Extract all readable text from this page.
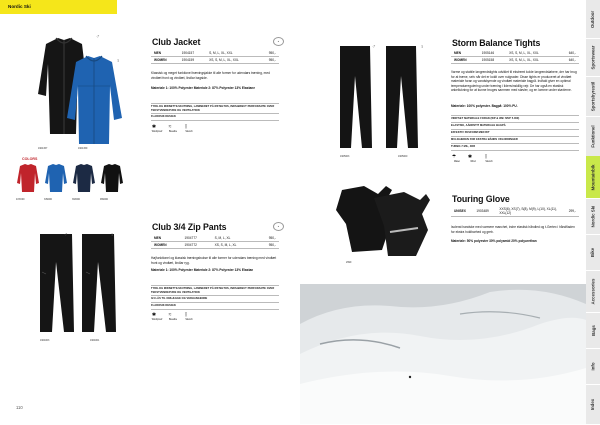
Nordic Ski
♂
♀
Club Jacket	●
MEN	1904157	S, M, L, XL, XXL	950,-
WOMEN	1904159	XS, S, M, L, XL, XXL	950,-
Klassisk og meget funktionel træningsjakke til alle former for udendørs træning, med vindtæt front og vindtæt, lindlar bagside.
Materiale 1: 100% Polyester Materiale 2: 87% Polyester 13% Elastane
TYDE-OG MIDNETTILSKUTNING, LAMINERET PÅ ØSTBLTOS, INDSÆRBUT PERFORANTE OVER TEKSTVENDEPUDE OG VENTILATION
FLADOSIK DESIGN
✱
Windproof
≈
Breathe
ᛝ
Stretch
1904157	1904159
COLORS
4XX000	339000	393000	999000
♂	♀
1904003	1904001
Club 3/4 Zip Pants	●
MEN	1904777	S, M, L, XL	950,-
WOMEN	1904772	XS, S, M, L, XL	950,-
Højfunktionel og klassisk træningsbukse til alle former for udendørs træning med vindtæt front og vindtæt, lindlar ryg.
Materiale 1: 100% Polyester Materiale 2: 87% Polyester 13% Elastan
TYDE-OG MIDNETTILSKUTNING, LAMINERET PÅ ØSTBLTOS, INDSÆRBUT PERFORANTE OVER TEKSTVENDEPUDE OG VENTILATION
3/4 LÅS TIL OMLÆGGE OG VEDHANGENDE
FLADOSIK DESIGN
✱
Windproof
≈
Breathe
ᛝ
Stretch
110
♂	♀
1905003	1905000
Storm Balance Tights
MEN	1905146	XS, S, M, L, XL, XXL	640,-
WOMEN	1905158	XS, S, M, L, XL, XXL	640,-
Varme og stabile langrendstights udviklet til ekstremt kolde langrendsløbere, der har brug for at træne, selv når det er koldt over nulgrader. Disse tights er produceret af vindtæt materiale foran og vandskyende og vindtæt materiale bagpå. Indfald giver en optimal temperaturregulering under træning i lidenvinskillig vejr. De har også en elastisk ankellukning for at kunne bruges sammen med støvler, og en lomme under støvlerne.
Materiale: 100% polyester. Bagpå: 100% PU.
VINDTÆT MATERIALE FORAN (WP & WB: MVP 5.000)
ELASTISK, AÅNDSTIT MATERIALE BAGPÅ
EFFEKTIV PASFORM MED RIT
MULIGHEDEN FOR EKSTRA BÅNDS UDLODNINGER
TURBO-7 MIL, 4DR
☂
Water
✱
Wind
ᛝ
Stretch
2999
Touring Glove
UNISEX	1903489	XXS(6), XS(7), S(8), M(9), L(10), XL(11), XXL(12)	299,-
Isolerat handske med varmere manchet, indre elastisk håndled og t-Gertex i håndfladen for ekstra holdbarhed og greb.
Materiale: 50% polyester 30% polyamid 20% polyurethan
Outdoor
Sportswear
Sportsbyrestil
Funktionel
Mountainbik
Nordic Ski
Bike
Accessories
Bags
Info
Index
